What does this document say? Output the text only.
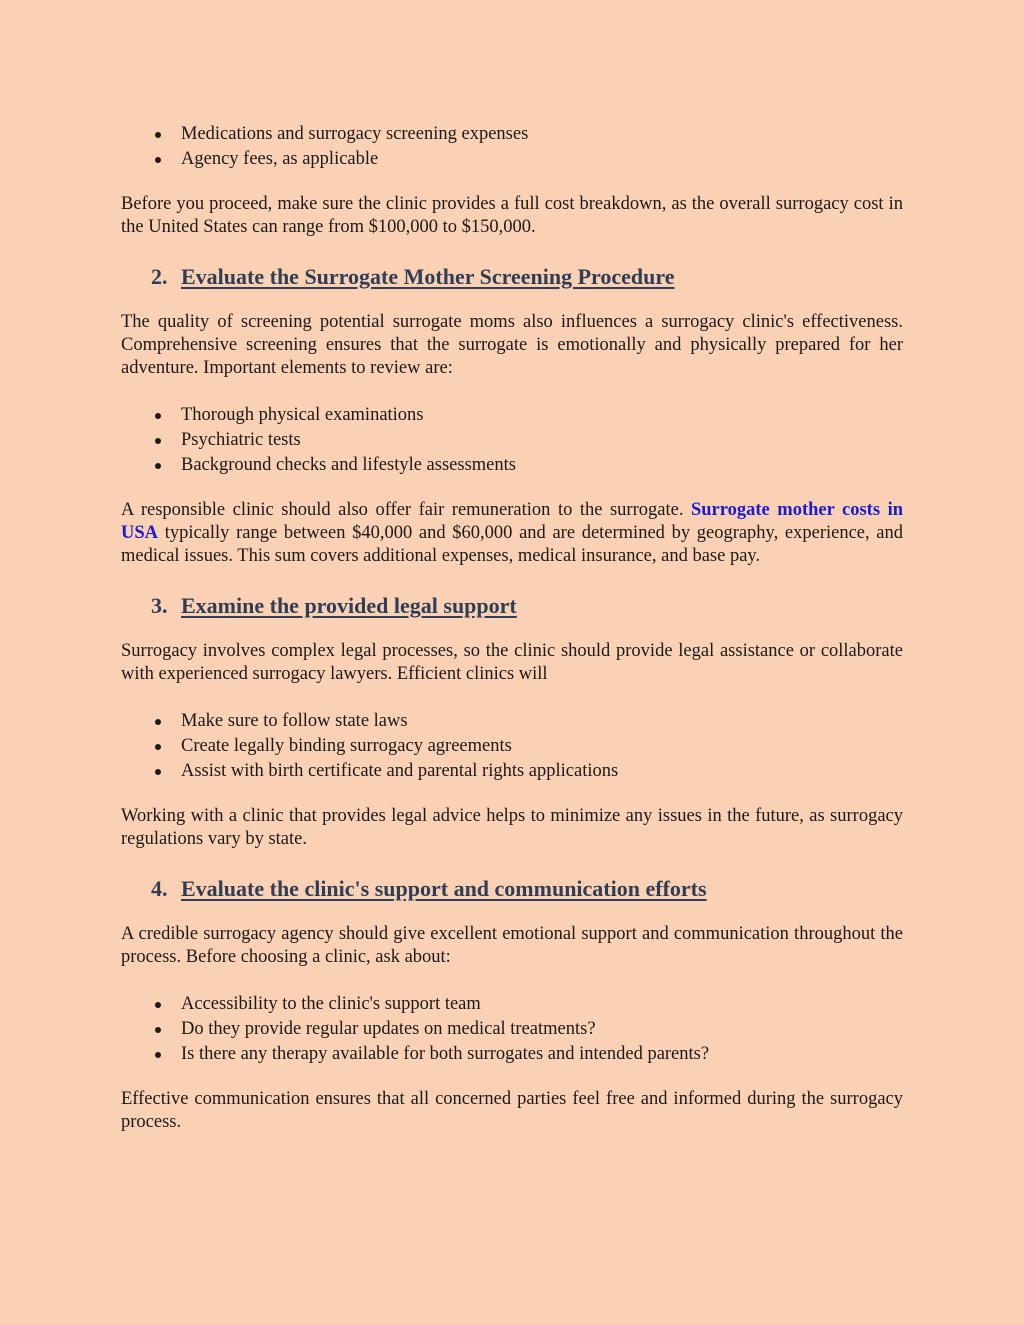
Medications and surrogacy screening expenses
Agency fees, as applicable

Before you proceed, make sure the clinic provides a full cost breakdown, as the overall surrogacy cost in the United States can range from $100,000 to $150,000.

2. Evaluate the Surrogate Mother Screening Procedure

The quality of screening potential surrogate moms also influences a surrogacy clinic's effectiveness. Comprehensive screening ensures that the surrogate is emotionally and physically prepared for her adventure. Important elements to review are:

Thorough physical examinations
Psychiatric tests
Background checks and lifestyle assessments

A responsible clinic should also offer fair remuneration to the surrogate. Surrogate mother costs in USA typically range between $40,000 and $60,000 and are determined by geography, experience, and medical issues. This sum covers additional expenses, medical insurance, and base pay.

3. Examine the provided legal support

Surrogacy involves complex legal processes, so the clinic should provide legal assistance or collaborate with experienced surrogacy lawyers. Efficient clinics will

Make sure to follow state laws
Create legally binding surrogacy agreements
Assist with birth certificate and parental rights applications

Working with a clinic that provides legal advice helps to minimize any issues in the future, as surrogacy regulations vary by state.

4. Evaluate the clinic's support and communication efforts

A credible surrogacy agency should give excellent emotional support and communication throughout the process. Before choosing a clinic, ask about:

Accessibility to the clinic's support team
Do they provide regular updates on medical treatments?
Is there any therapy available for both surrogates and intended parents?

Effective communication ensures that all concerned parties feel free and informed during the surrogacy process.
